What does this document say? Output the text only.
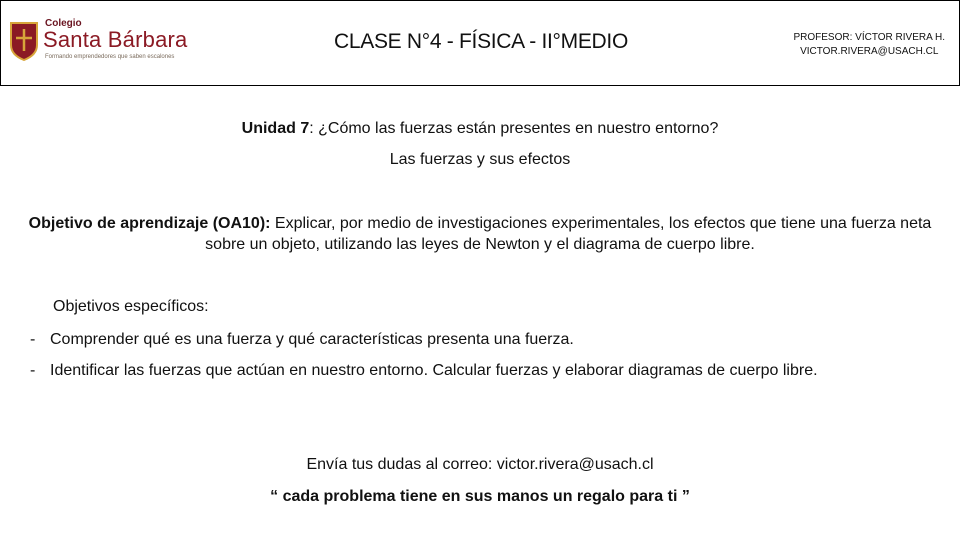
Colegio
Santa Bárbara
Formando emprendedores que saben escalones
CLASE N°4 - FÍSICA - II°MEDIO	PROFESOR: VÍCTOR RIVERA H.
VICTOR.RIVERA@USACH.CL
Unidad 7: ¿Cómo las fuerzas están presentes en nuestro entorno?
Las fuerzas y sus efectos
Objetivo de aprendizaje (OA10): Explicar, por medio de investigaciones experimentales, los efectos que tiene una fuerza neta sobre un objeto, utilizando las leyes de Newton y el diagrama de cuerpo libre.
Objetivos específicos:
- Comprender qué es una fuerza y qué características presenta una fuerza.
- Identificar las fuerzas que actúan en nuestro entorno. Calcular fuerzas y elaborar diagramas de cuerpo libre.
Envía tus dudas al correo: victor.rivera@usach.cl
“ cada problema tiene en sus manos un regalo para ti ”
